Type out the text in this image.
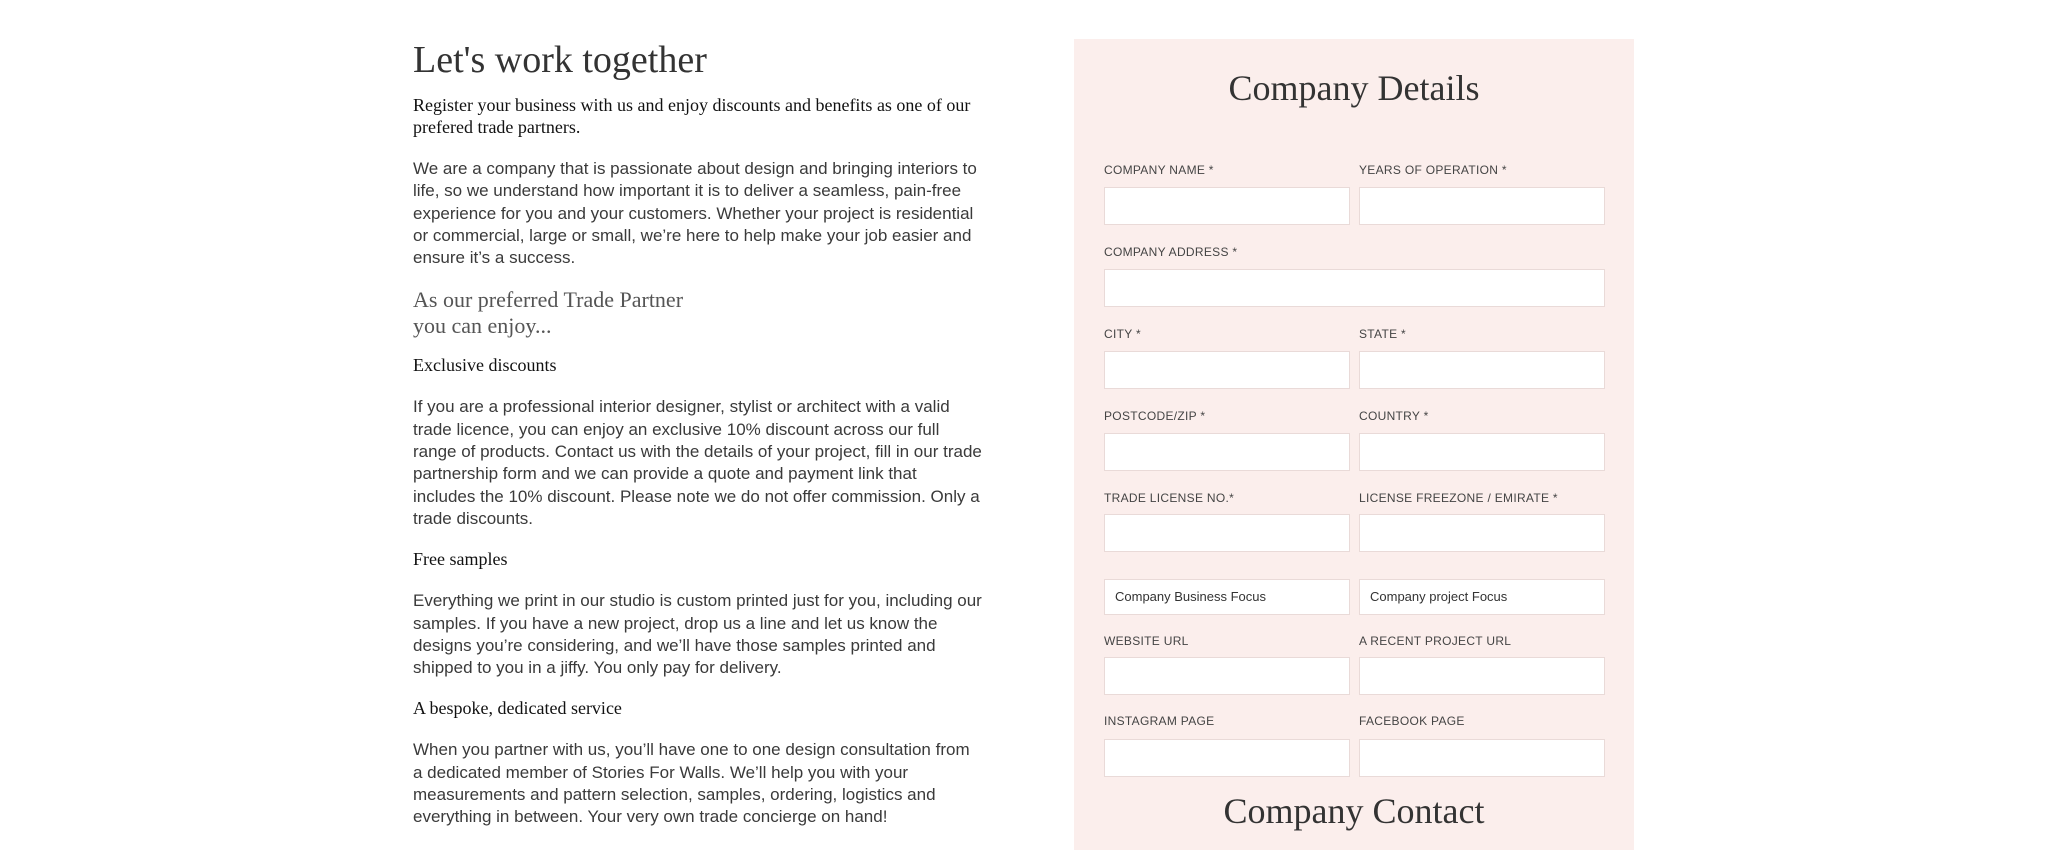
Let's work together

Register your business with us and enjoy discounts and benefits as one of our prefered trade partners.

We are a company that is passionate about design and bringing interiors to life, so we understand how important it is to deliver a seamless, pain-free experience for you and your customers. Whether your project is residential or commercial, large or small, we’re here to help make your job easier and ensure it’s a success.

As our preferred Trade Partner
you can enjoy...
Exclusive discounts

If you are a professional interior designer, stylist or architect with a valid trade licence, you can enjoy an exclusive 10% discount across our full range of products. Contact us with the details of your project, fill in our trade partnership form and we can provide a quote and payment link that includes the 10% discount. Please note we do not offer commission. Only a trade discounts.

Free samples

Everything we print in our studio is custom printed just for you, including our samples. If you have a new project, drop us a line and let us know the designs you’re considering, and we’ll have those samples printed and shipped to you in a jiffy. You only pay for delivery.

A bespoke, dedicated service

When you partner with us, you’ll have one to one design consultation from a dedicated member of Stories For Walls. We’ll help you with your measurements and pattern selection, samples, ordering, logistics and everything in between. Your very own trade concierge on hand!

Company Details
COMPANY NAME *	YEARS OF OPERATION *
COMPANY ADDRESS *
CITY *	STATE *
POSTCODE/ZIP *	COUNTRY *
TRADE LICENSE NO.*	LICENSE FREEZONE / EMIRATE *
Company Business Focus	Company project Focus
WEBSITE URL	A RECENT PROJECT URL
INSTAGRAM PAGE	FACEBOOK PAGE
Company Contact
